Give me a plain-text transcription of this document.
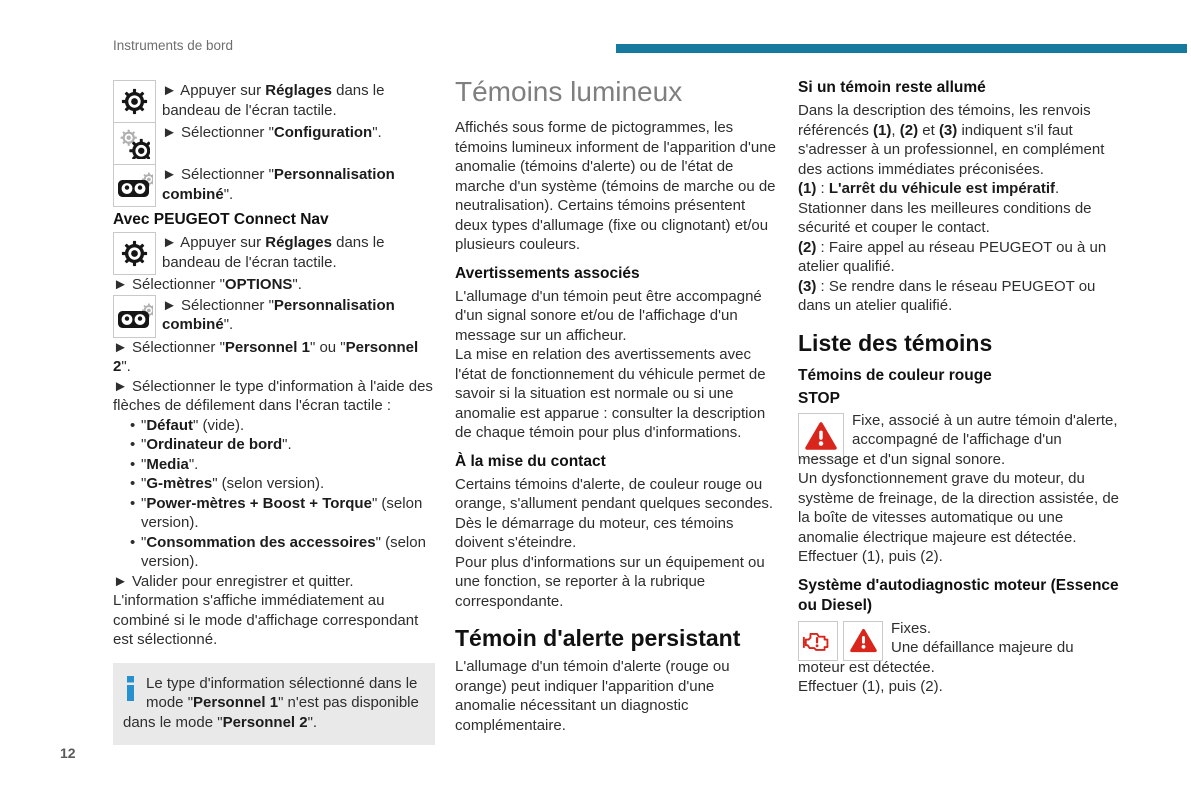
Instruments de bord
► Appuyer sur Réglages dans le bandeau de l'écran tactile.
► Sélectionner "Configuration".
► Sélectionner "Personnalisation combiné".
Avec PEUGEOT Connect Nav
► Appuyer sur Réglages dans le bandeau de l'écran tactile.

► Sélectionner "OPTIONS".

► Sélectionner "Personnalisation combiné".

► Sélectionner "Personnel 1" ou "Personnel 2".

► Sélectionner le type d'information à l'aide des flèches de défilement dans l'écran tactile :

• "Défaut" (vide).
• "Ordinateur de bord".
• "Media".
• "G-mètres" (selon version).
• "Power-mètres + Boost + Torque" (selon version).
• "Consommation des accessoires" (selon version).

► Valider pour enregistrer et quitter.

L'information s'affiche immédiatement au combiné si le mode d'affichage correspondant est sélectionné.

Le type d'information sélectionné dans le mode "Personnel 1" n'est pas disponible dans le mode "Personnel 2".
Témoins lumineux

Affichés sous forme de pictogrammes, les témoins lumineux informent de l'apparition d'une anomalie (témoins d'alerte) ou de l'état de marche d'un système (témoins de marche ou de neutralisation). Certains témoins présentent deux types d'allumage (fixe ou clignotant) et/ou plusieurs couleurs.

Avertissements associés

L'allumage d'un témoin peut être accompagné d'un signal sonore et/ou de l'affichage d'un message sur un afficheur.

La mise en relation des avertissements avec l'état de fonctionnement du véhicule permet de savoir si la situation est normale ou si une anomalie est apparue : consulter la description de chaque témoin pour plus d'informations.

À la mise du contact

Certains témoins d'alerte, de couleur rouge ou orange, s'allument pendant quelques secondes. Dès le démarrage du moteur, ces témoins doivent s'éteindre.

Pour plus d'informations sur un équipement ou une fonction, se reporter à la rubrique correspondante.

Témoin d'alerte persistant

L'allumage d'un témoin d'alerte (rouge ou orange) peut indiquer l'apparition d'une anomalie nécessitant un diagnostic complémentaire.

Si un témoin reste allumé

Dans la description des témoins, les renvois référencés (1), (2) et (3) indiquent s'il faut s'adresser à un professionnel, en complément des actions immédiates préconisées.

(1) : L'arrêt du véhicule est impératif.

Stationner dans les meilleures conditions de sécurité et couper le contact.

(2) : Faire appel au réseau PEUGEOT ou à un atelier qualifié.

(3) : Se rendre dans le réseau PEUGEOT ou dans un atelier qualifié.

Liste des témoins
Témoins de couleur rouge
STOP

Fixe, associé à un autre témoin d'alerte, accompagné de l'affichage d'un message et d'un signal sonore.

Un dysfonctionnement grave du moteur, du système de freinage, de la direction assistée, de la boîte de vitesses automatique ou une anomalie électrique majeure est détectée.

Effectuer (1), puis (2).

Système d'autodiagnostic moteur (Essence ou Diesel)

Fixes.

Une défaillance majeure du moteur est détectée.

Effectuer (1), puis (2).

12
